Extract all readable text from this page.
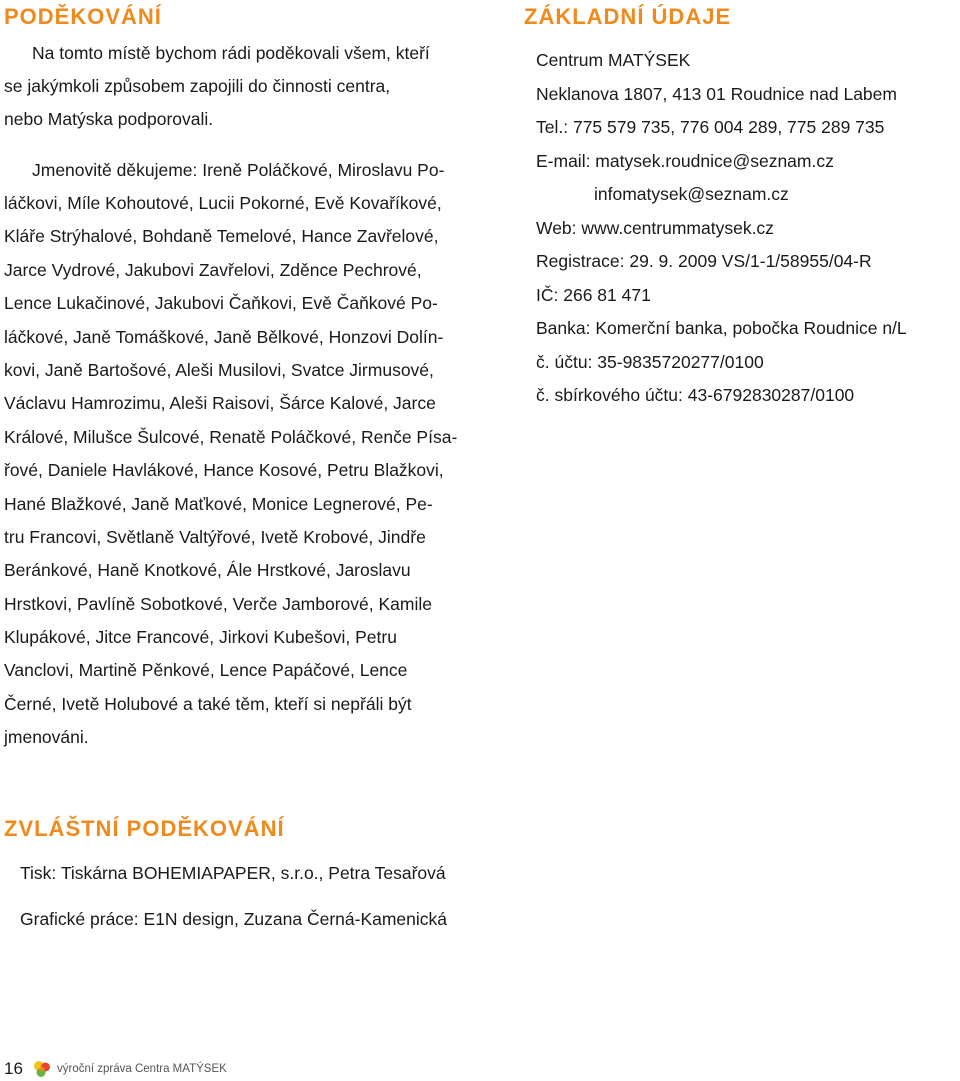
PODĚKOVÁNÍ
Na tomto místě bychom rádi poděkovali všem, kteří
se jakýmkoli způsobem zapojili do činnosti centra,
nebo Matýska podporovali.
Jmenovitě děkujeme: Ireně Poláčkové, Miroslavu Po-
láčkovi, Míle Kohoutové, Lucii Pokorné, Evě Kovaříkové,
Kláře Strýhalové, Bohdaně Temelové, Hance Zavřelové,
Jarce Vydrové, Jakubovi Zavřelovi, Zděnce Pechrové,
Lence Lukačinové, Jakubovi Čaňkovi, Evě Čaňkové Po-
láčkové, Janě Tomáškové, Janě Bělkové, Honzovi Dolín-
kovi, Janě Bartošové, Aleši Musilovi, Svatce Jirmusové,
Václavu Hamrozimu, Aleši Raisovi, Šárce Kalové, Jarce
Králové, Milušce Šulcové, Renatě Poláčkové, Renče Písa-
řové, Daniele Havlákové, Hance Kosové, Petru Blažkovi,
Hané Blažkové, Janě Maťkové, Monice Legnerové, Pe-
tru Francovi, Světlaně Valtýřové, Ivetě Krobové, Jindře
Beránkové, Haně Knotkové, Ále Hrstkové, Jaroslavu
Hrstkovi, Pavlíně Sobotkové, Verče Jamborové, Kamile
Klupákové, Jitce Francové, Jirkovi Kubešovi, Petru
Vanclovi, Martině Pěnkové, Lence Papáčové, Lence
Černé, Ivetě Holubové a také těm, kteří si nepřáli být
jmenováni.
ZÁKLADNÍ ÚDAJE
Centrum MATÝSEK
Neklanova 1807, 413 01 Roudnice nad Labem
Tel.: 775 579 735, 776 004 289, 775 289 735
E-mail: matysek.roudnice@seznam.cz
infomatysek@seznam.cz
Web: www.centrummatysek.cz
Registrace: 29. 9. 2009 VS/1-1/58955/04-R
IČ: 266 81 471
Banka: Komerční banka, pobočka Roudnice n/L
č. účtu: 35-9835720277/0100
č. sbírkového účtu: 43-6792830287/0100
ZVLÁŠTNÍ PODĚKOVÁNÍ

Tisk: Tiskárna BOHEMIAPAPER, s.r.o., Petra Tesařová

Grafické práce: E1N design, Zuzana Černá-Kamenická

16	výroční zpráva Centra MATÝSEK
